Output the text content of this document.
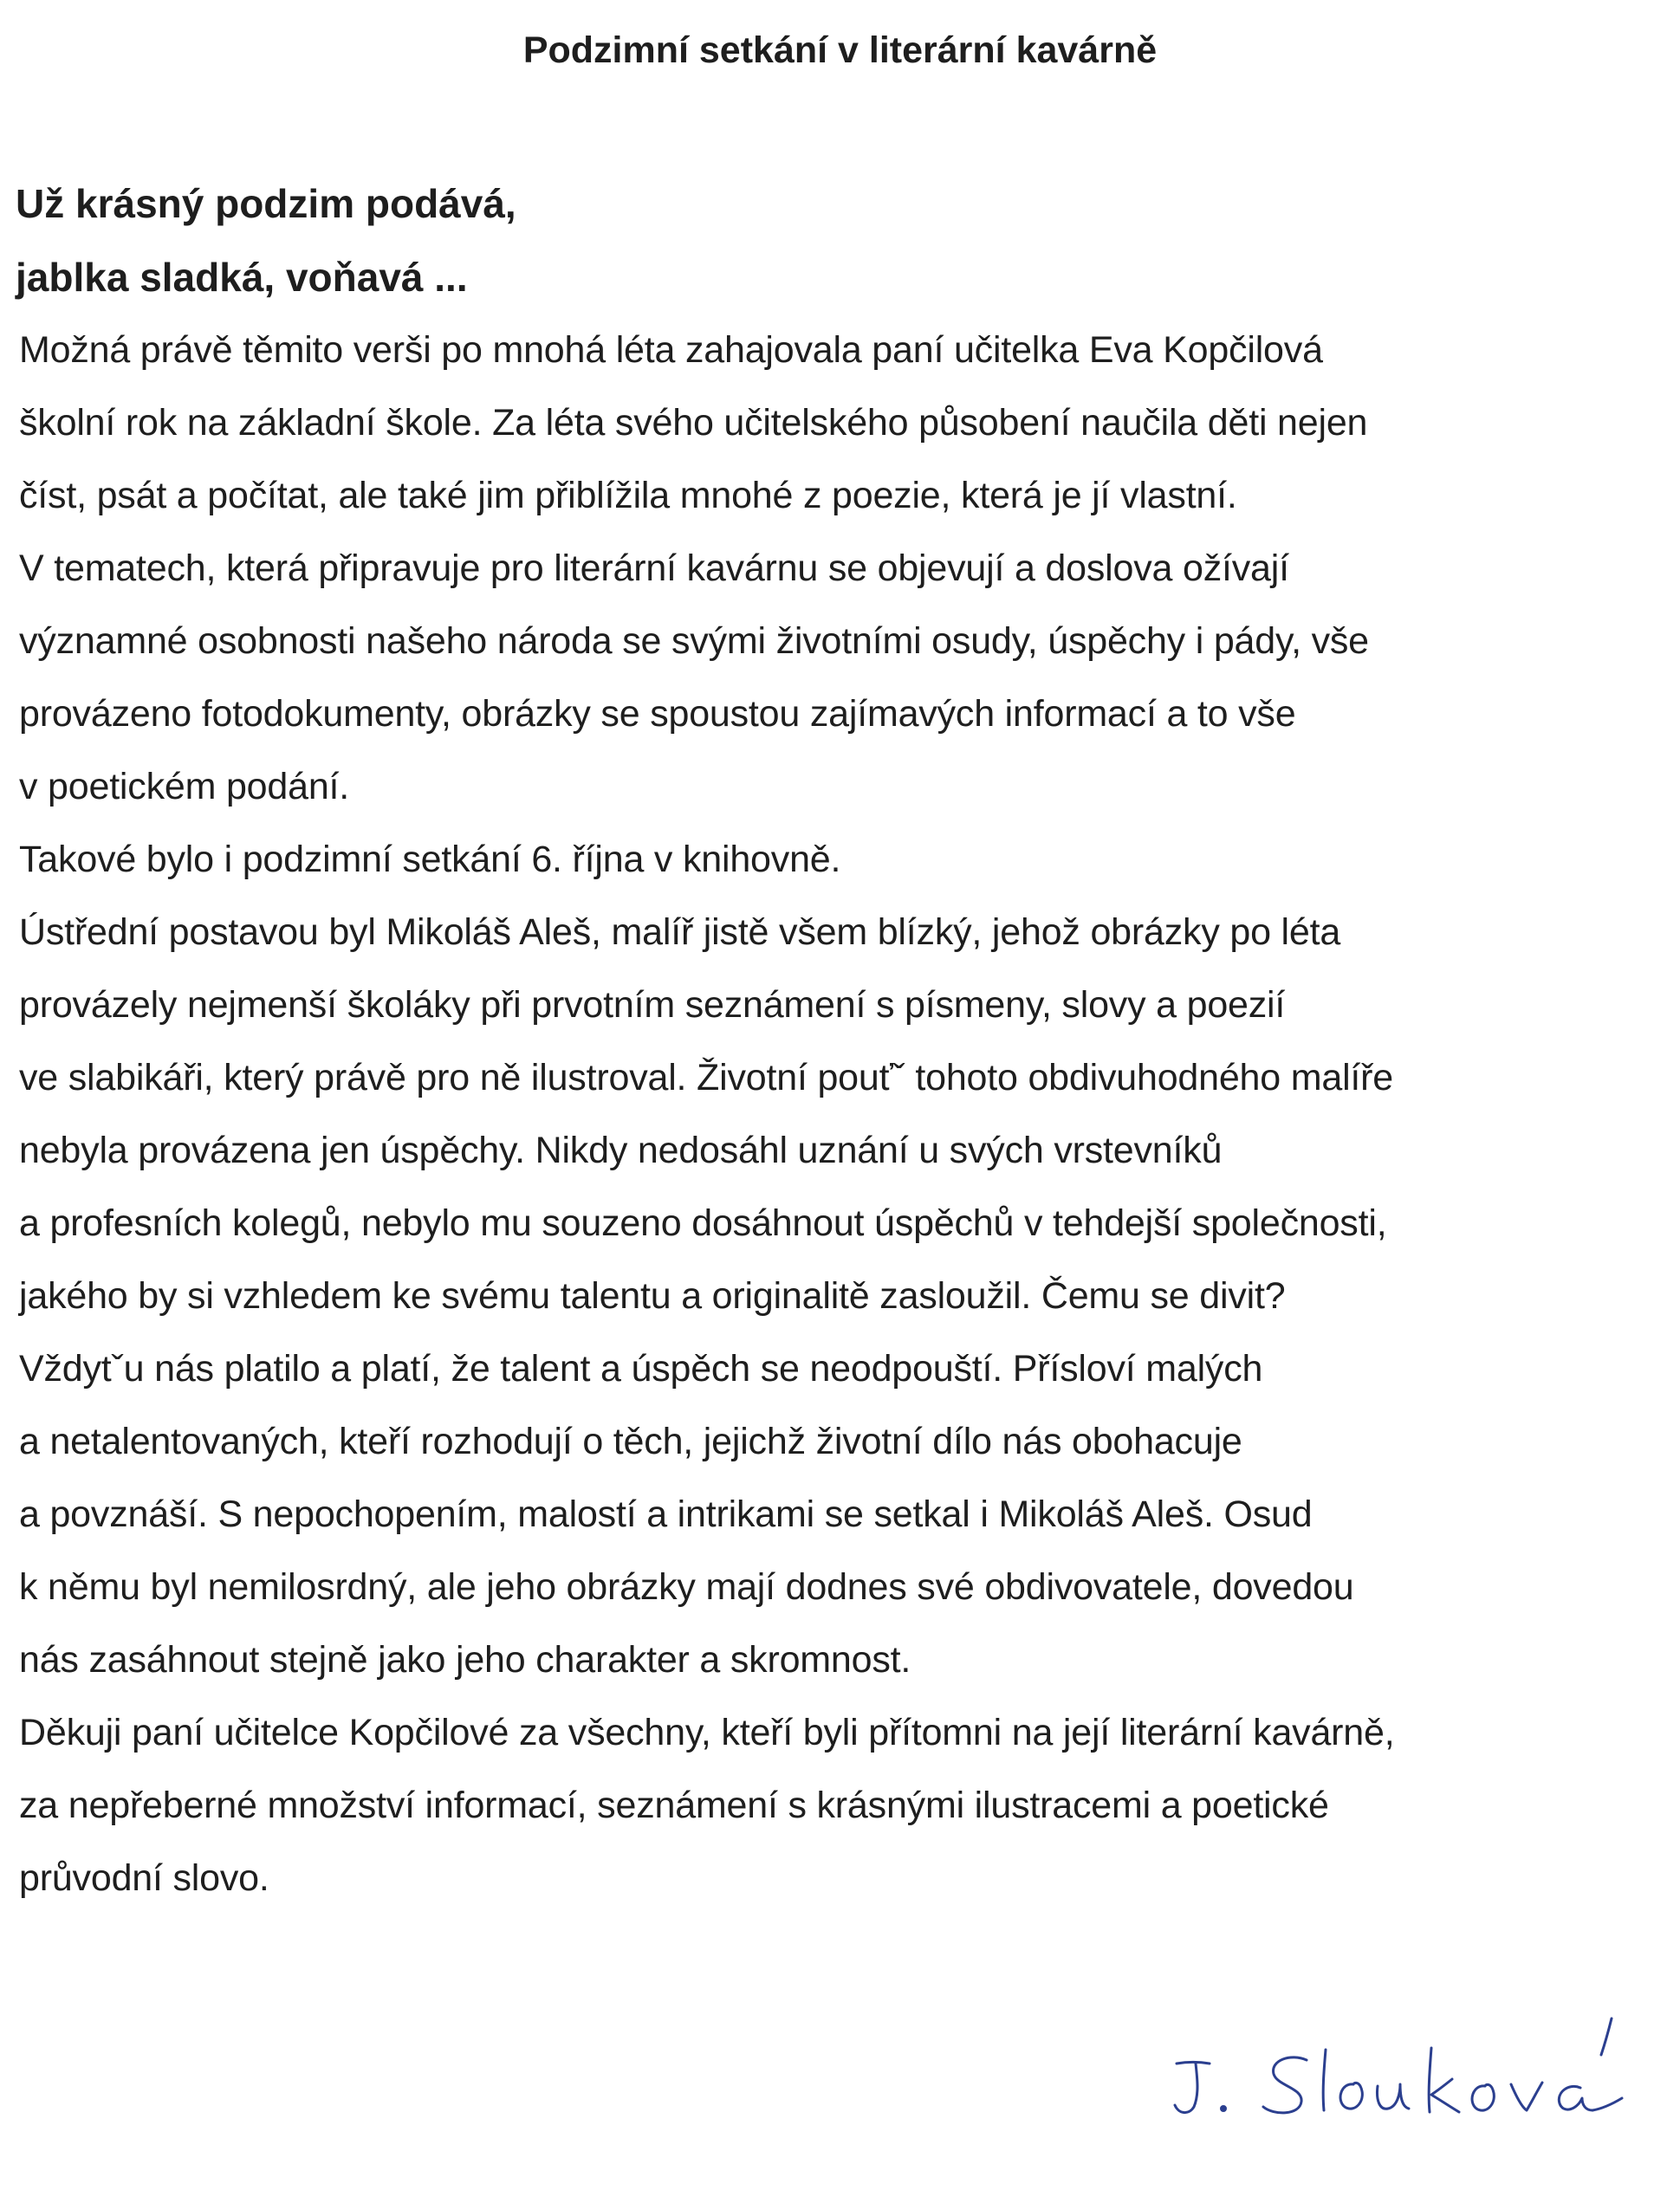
Podzimní setkání v literární kavárně
Už krásný podzim podává,
jablka sladká, voňavá ...
Možná právě těmito verši po mnohá léta zahajovala paní učitelka Eva Kopčilová
školní rok na základní škole. Za léta svého učitelského působení naučila děti nejen
číst, psát a počítat, ale také jim přiblížila mnohé z poezie, která je jí vlastní.
V tematech, která připravuje pro literární kavárnu se objevují a doslova ožívají
významné osobnosti našeho národa se svými životními osudy, úspěchy i pády, vše
provázeno fotodokumenty, obrázky se spoustou zajímavých informací a to vše
v poetickém podání.
Takové bylo i podzimní setkání 6. října v knihovně.
Ústřední postavou byl Mikoláš Aleš, malíř jistě všem blízký, jehož obrázky po léta
provázely nejmenší školáky při prvotním seznámení s písmeny, slovy a poezií
ve slabikáři, který právě pro ně ilustroval. Životní pouťˇ tohoto obdivuhodného malíře
nebyla provázena jen úspěchy. Nikdy nedosáhl uznání u svých vrstevníků
a profesních kolegů, nebylo mu souzeno dosáhnout úspěchů v tehdejší společnosti,
jakého by si vzhledem ke svému talentu a originalitě zasloužil. Čemu se divit?
Vždytˇu nás platilo a platí, že talent a úspěch se neodpouští. Přísloví malých
a netalentovaných, kteří rozhodují o těch, jejichž životní dílo nás obohacuje
a povznáší. S nepochopením, malostí a intrikami se setkal i Mikoláš Aleš. Osud
k němu byl nemilosrdný, ale jeho obrázky mají dodnes své obdivovatele, dovedou
nás zasáhnout stejně jako jeho charakter a skromnost.
Děkuji paní učitelce Kopčilové za všechny, kteří byli přítomni na její literární kavárně,
za nepřeberné množství informací, seznámení s krásnými ilustracemi a poetické
průvodní slovo.
